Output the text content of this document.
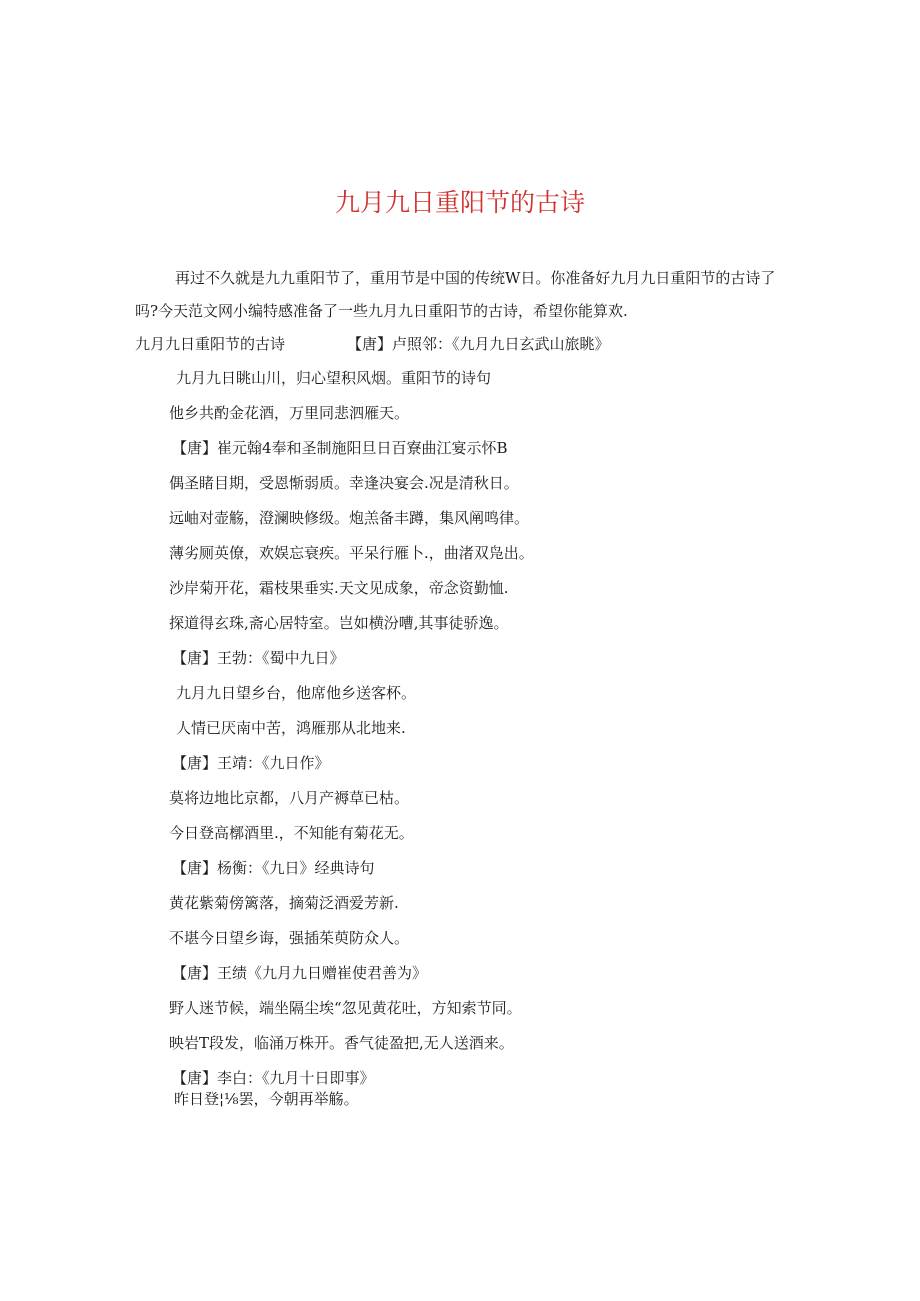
九月九日重阳节的古诗
再过不久就是九九重阳节了，重用节是中国的传统W日。你准备好九月九日重阳节的古诗了吗?今天范文网小编特感准备了一些九月九日重阳节的古诗，希望你能算欢.
九月九日重阳节的古诗	【唐】卢照邻：《九月九日玄武山旅眺》
九月九日眺山川，归心望积风烟。重阳节的诗句
他乡共酌金花酒，万里同悲泗雁天。
【唐】崔元翰4奉和圣制施阳旦日百寮曲江宴示怀B
偶圣睹目期，受恩惭弱质。幸逢决宴会.况是清秋日。
远岫对壶觞，澄澜映修级。炮羔备丰蹲，集风阐鸣律。
薄劣厕英僚，欢娱忘衰疾。平呆行雁卜.，曲渚双凫出。
沙岸菊开花，霜枝果垂实.天文见成象，帝念资勤恤.
探道得玄珠,斋心居特室。岂如横汾嘈,其事徒骄逸。
【唐】王勃：《蜀中九日》
九月九日望乡台，他席他乡送客杯。
人情已厌南中苦，鸿雁那从北地来.
【唐】王靖：《九日作》
莫将边地比京都，八月产褥草已枯。
今日登高槨酒里.，不知能有菊花无。
【唐】杨衡：《九日》经典诗句
黄花紫菊傍篱落，摘菊泛酒爱芳新.
不堪今日望乡诲，强插茱萸防众人。
【唐】王绩《九月九日赠崔使君善为》
野人迷节候，端坐隔尘埃“忽见黄花吐，方知索节同。
映岩T段发，临涌万株开。香气徒盈把,无人送酒来。
【唐】李白：《九月十日即事》
昨日登¦⅛罢，今朝再举觞。
